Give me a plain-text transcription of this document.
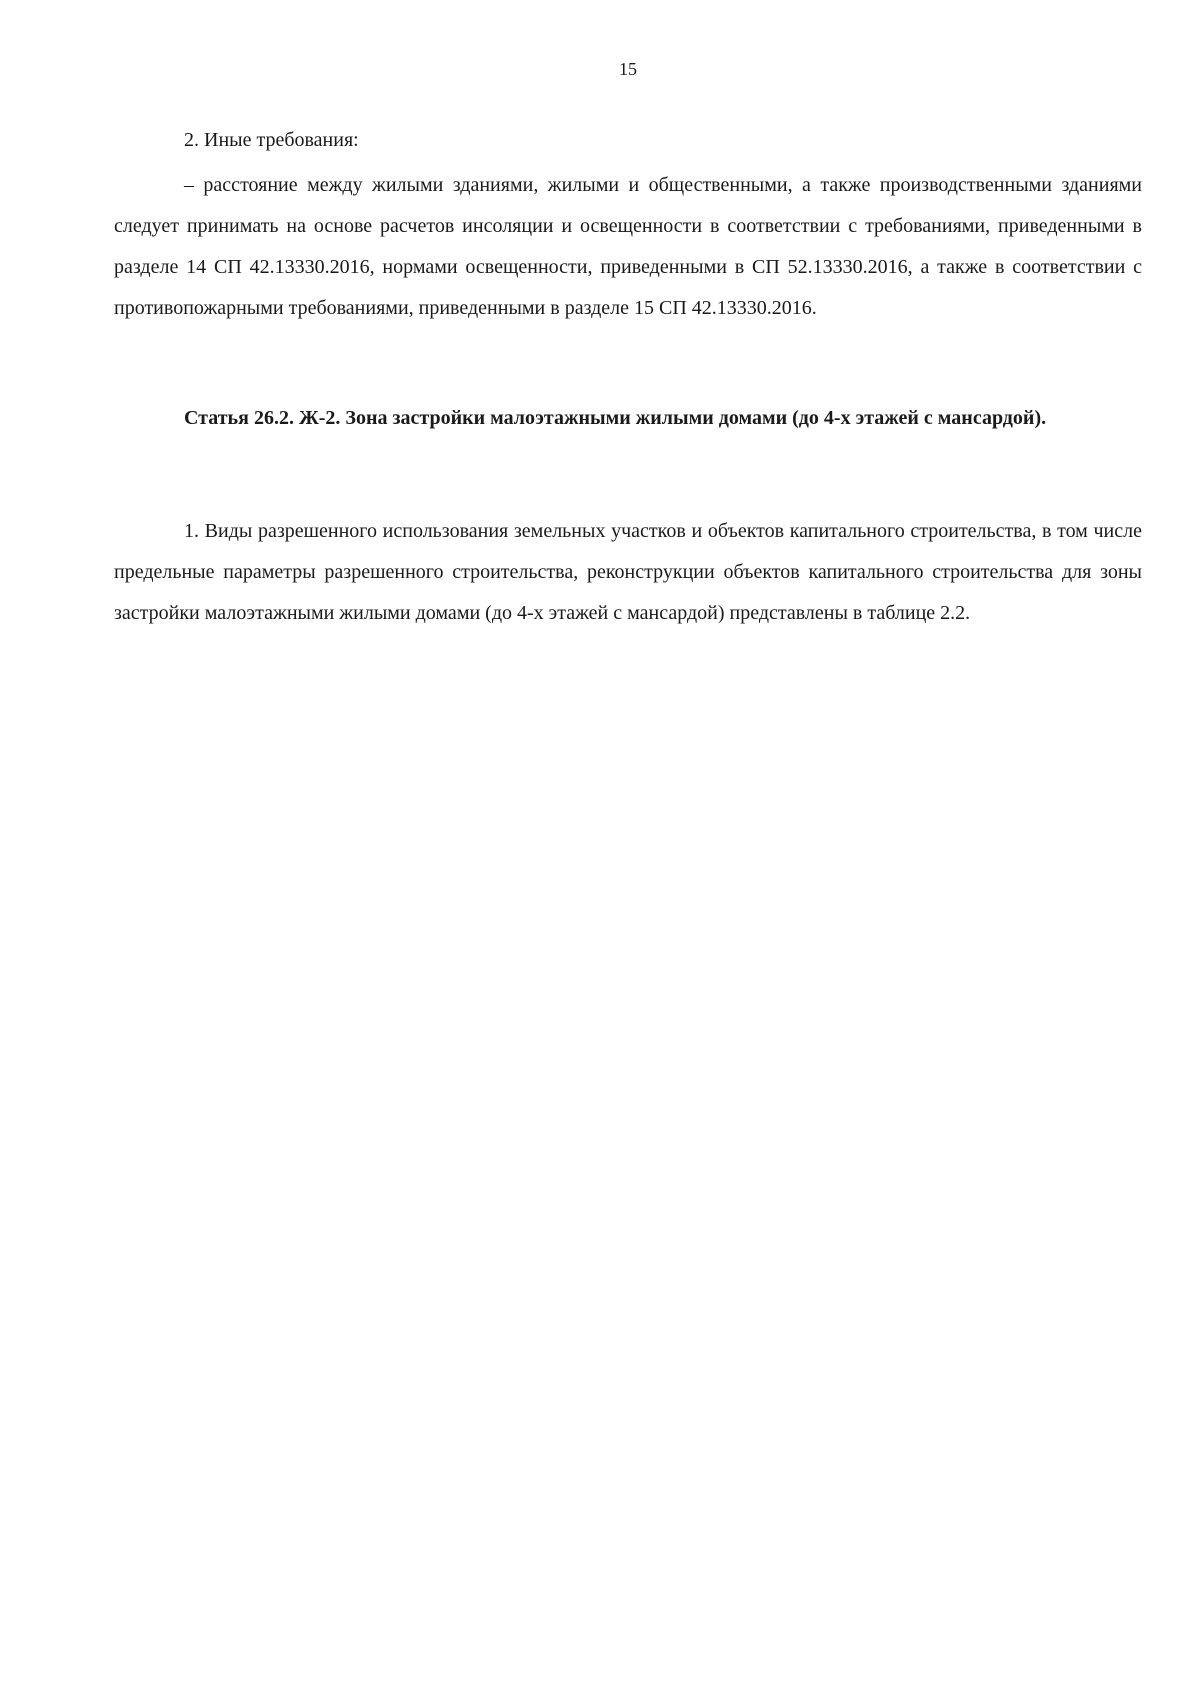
15

2. Иные требования:

– расстояние между жилыми зданиями, жилыми и общественными, а также производственными зданиями следует принимать на основе расчетов инсоляции и освещенности в соответствии с требованиями, приведенными в разделе 14 СП 42.13330.2016, нормами освещенности, приведенными в СП 52.13330.2016, а также в соответствии с противопожарными требованиями, приведенными в разделе 15 СП 42.13330.2016.

Статья 26.2. Ж-2. Зона застройки малоэтажными жилыми домами (до 4-х этажей с мансардой).

1. Виды разрешенного использования земельных участков и объектов капитального строительства, в том числе предельные параметры разрешенного строительства, реконструкции объектов капитального строительства для зоны застройки малоэтажными жилыми домами (до 4-х этажей с мансардой) представлены в таблице 2.2.
